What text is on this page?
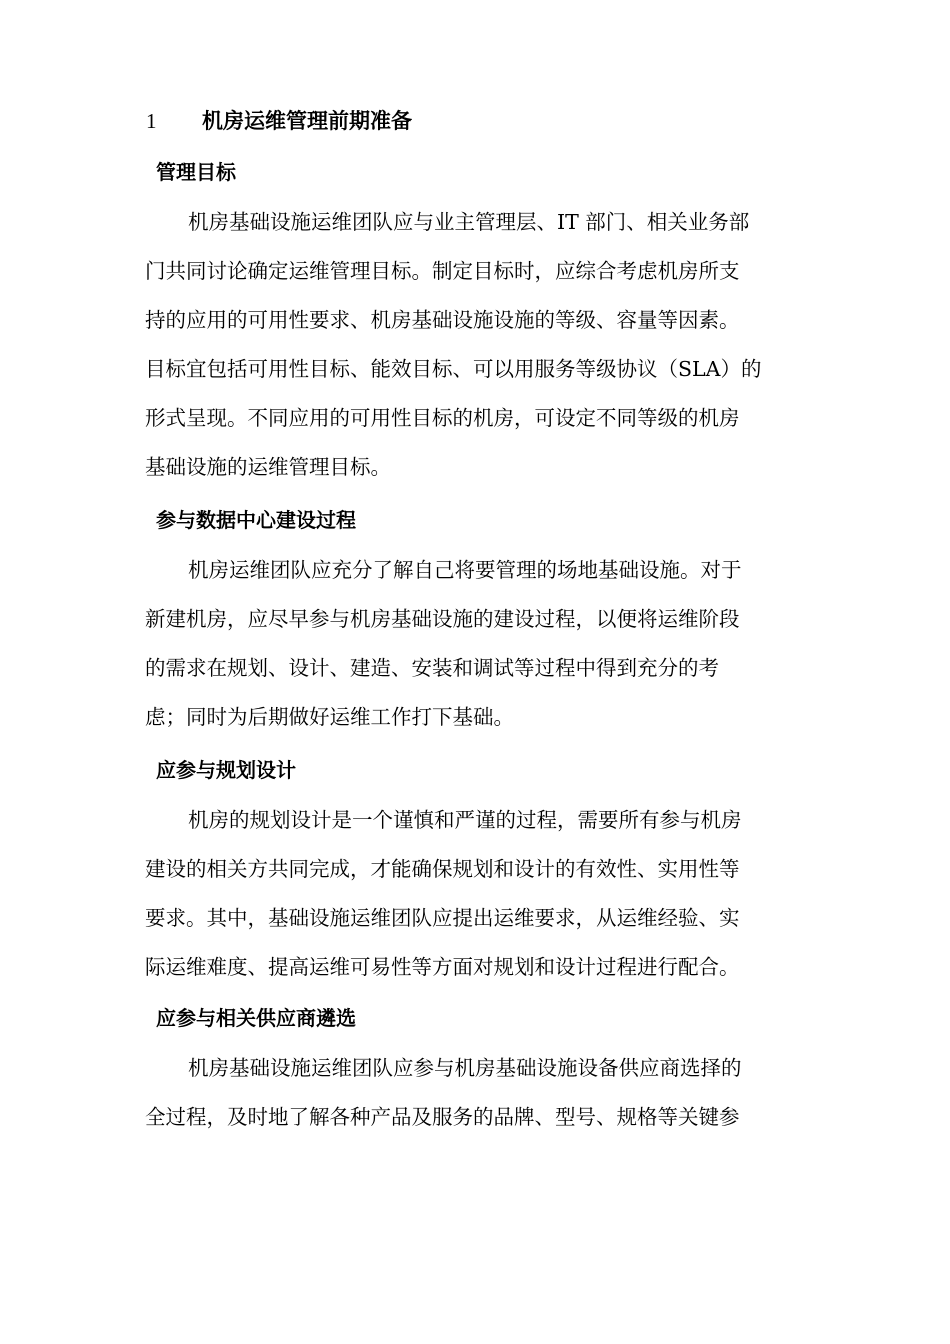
1 机房运维管理前期准备
管理目标
机房基础设施运维团队应与业主管理层、IT 部门、相关业务部
门共同讨论确定运维管理目标。制定目标时，应综合考虑机房所支
持的应用的可用性要求、机房基础设施设施的等级、容量等因素。
目标宜包括可用性目标、能效目标、可以用服务等级协议（SLA）的
形式呈现。不同应用的可用性目标的机房，可设定不同等级的机房
基础设施的运维管理目标。
参与数据中心建设过程
机房运维团队应充分了解自己将要管理的场地基础设施。对于
新建机房，应尽早参与机房基础设施的建设过程，以便将运维阶段
的需求在规划、设计、建造、安装和调试等过程中得到充分的考
虑；同时为后期做好运维工作打下基础。
应参与规划设计
机房的规划设计是一个谨慎和严谨的过程，需要所有参与机房
建设的相关方共同完成，才能确保规划和设计的有效性、实用性等
要求。其中，基础设施运维团队应提出运维要求，从运维经验、实
际运维难度、提高运维可易性等方面对规划和设计过程进行配合。
应参与相关供应商遴选
机房基础设施运维团队应参与机房基础设施设备供应商选择的
全过程，及时地了解各种产品及服务的品牌、型号、规格等关键参
